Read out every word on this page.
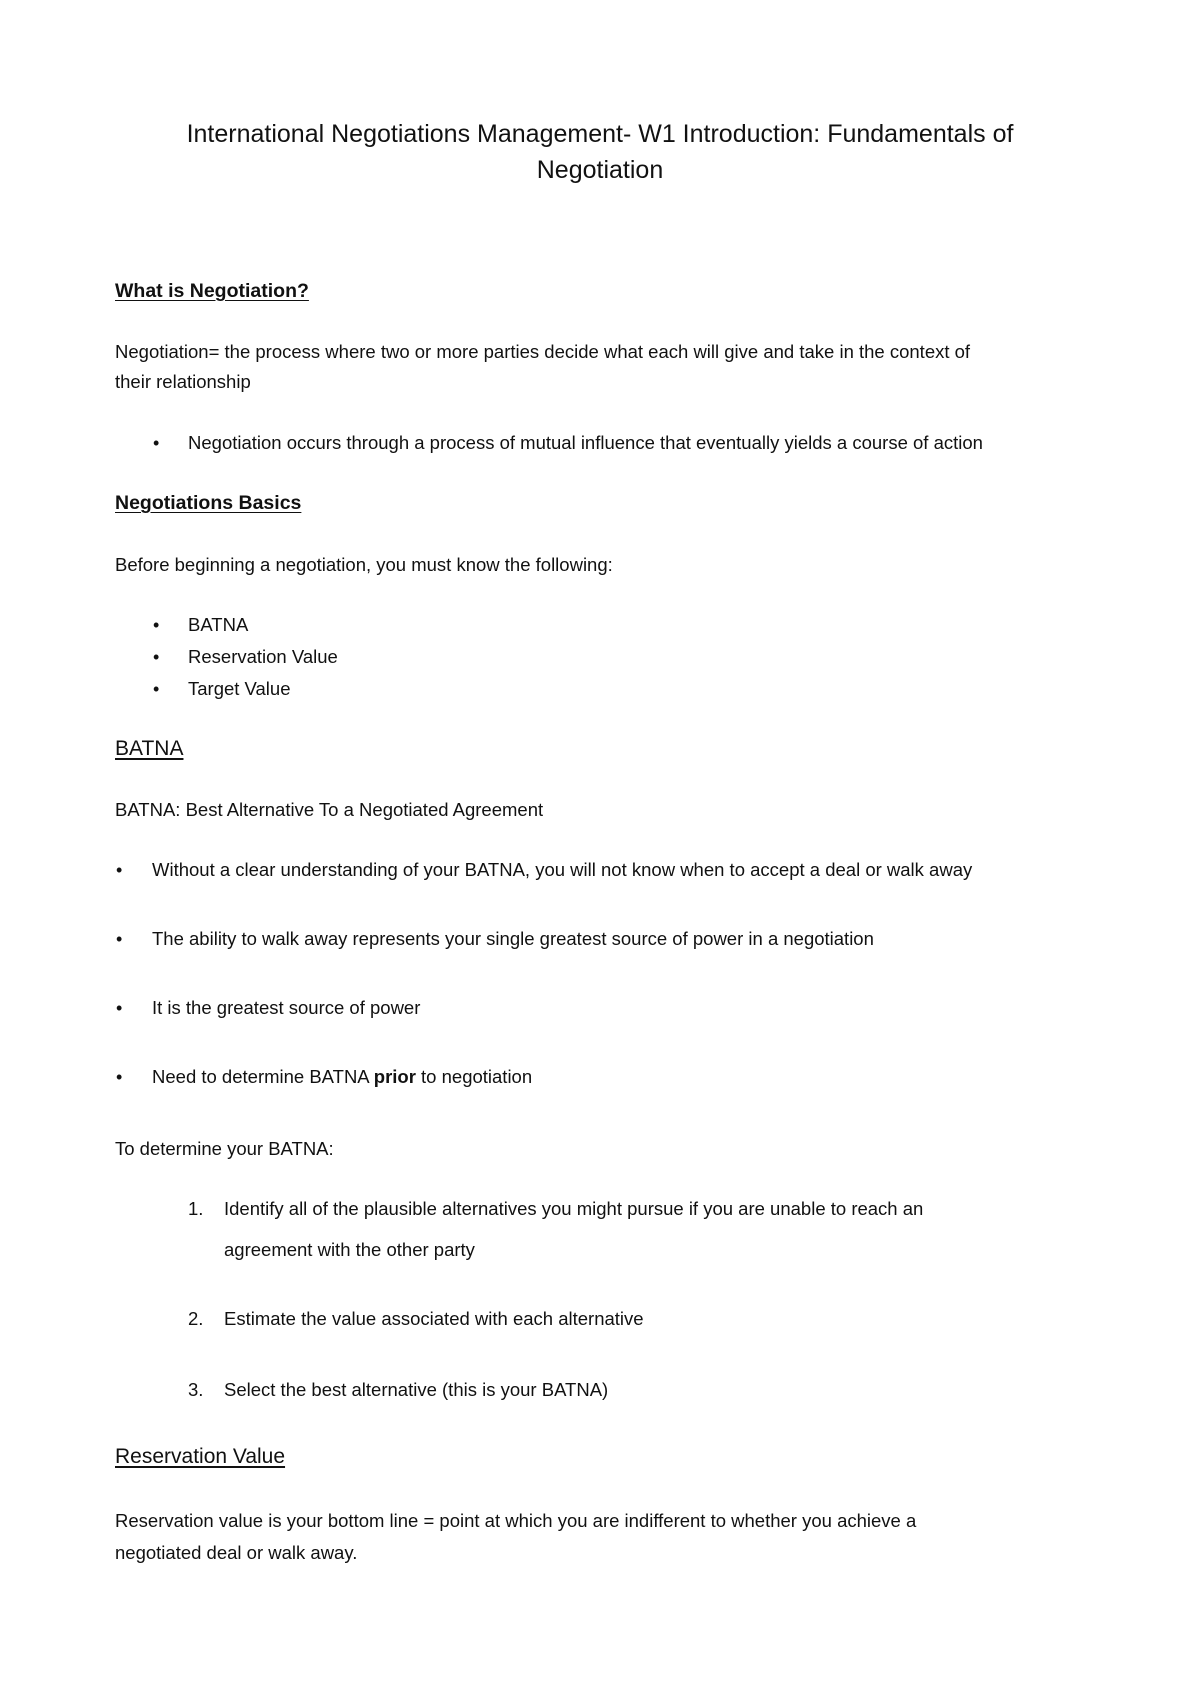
International Negotiations Management- W1 Introduction: Fundamentals of
Negotiation
What is Negotiation?
Negotiation= the process where two or more parties decide what each will give and take in the context of
their relationship
• Negotiation occurs through a process of mutual influence that eventually yields a course of action
Negotiations Basics
Before beginning a negotiation, you must know the following:
• BATNA
• Reservation Value
• Target Value
BATNA
BATNA: Best Alternative To a Negotiated Agreement
• Without a clear understanding of your BATNA, you will not know when to accept a deal or walk away
• The ability to walk away represents your single greatest source of power in a negotiation
• It is the greatest source of power
• Need to determine BATNA prior to negotiation
To determine your BATNA:
1. Identify all of the plausible alternatives you might pursue if you are unable to reach an
agreement with the other party
2. Estimate the value associated with each alternative
3. Select the best alternative (this is your BATNA)
Reservation Value
Reservation value is your bottom line = point at which you are indifferent to whether you achieve a
negotiated deal or walk away.
